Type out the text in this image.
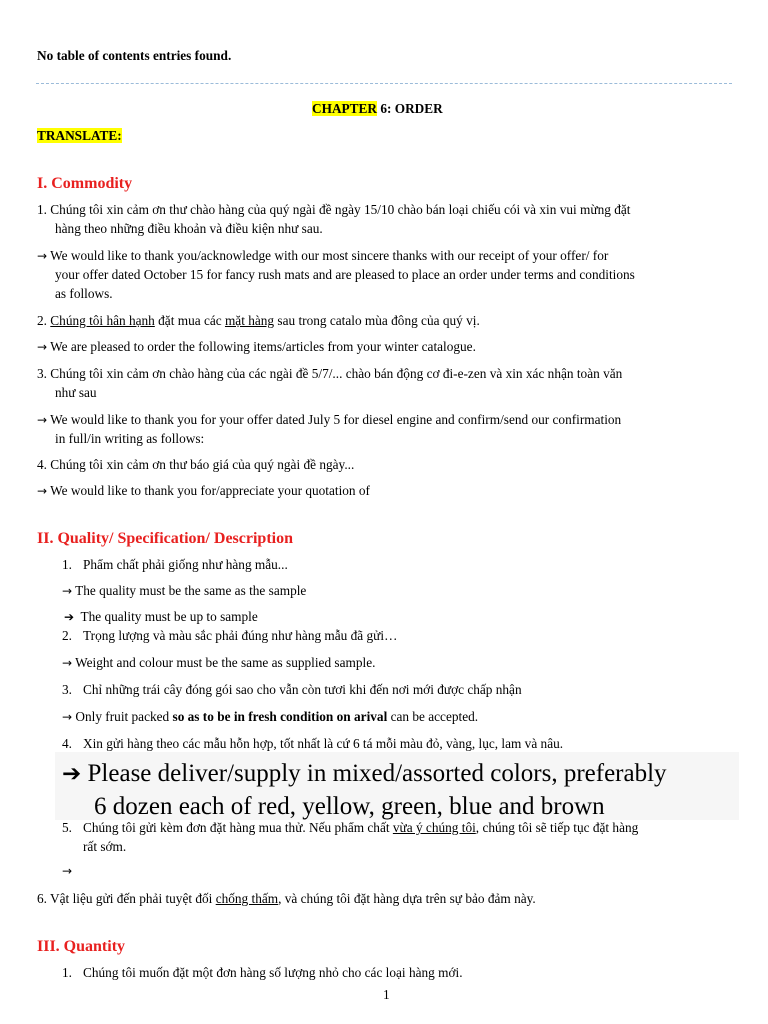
No table of contents entries found.
CHAPTER 6: ORDER
TRANSLATE:
I. Commodity
1. Chúng tôi xin cảm ơn thư chào hàng của quý ngài đề ngày 15/10 chào bán loại chiếu cói và xin vui mừng đặt
hàng theo những điều khoản và điều kiện như sau.
→ We would like to thank you/acknowledge with our most sincere thanks with our receipt of your offer/ for
your offer dated October 15 for fancy rush mats and are pleased to place an order under terms and conditions
as follows.
2. Chúng tôi hân hạnh đặt mua các mặt hàng sau trong catalo mùa đông của quý vị.
→ We are pleased to order the following items/articles from your winter catalogue.
3. Chúng tôi xin cảm ơn chào hàng của các ngài đề 5/7/... chào bán động cơ đi-e-zen và xin xác nhận toàn văn
như sau
→ We would like to thank you for your offer dated July 5 for diesel engine and confirm/send our confirmation
in full/in writing as follows:
4. Chúng tôi xin cảm ơn thư báo giá của quý ngài đề ngày...
→ We would like to thank you for/appreciate your quotation of
II. Quality/ Specification/ Description
1. Phẩm chất phải giống như hàng mẫu...
→ The quality must be the same as the sample
➔ The quality must be up to sample
2. Trọng lượng và màu sắc phải đúng như hàng mẫu đã gửi…
→ Weight and colour must be the same as supplied sample.
3. Chỉ những trái cây đóng gói sao cho vẫn còn tươi khi đến nơi mới được chấp nhận
→ Only fruit packed so as to be in fresh condition on arival can be accepted.
4. Xin gửi hàng theo các mẫu hỗn hợp, tốt nhất là cứ 6 tá mỗi màu đỏ, vàng, lục, lam và nâu.
➔ Please deliver/supply in mixed/assorted colors, preferably
6 dozen each of red, yellow, green, blue and brown
5. Chúng tôi gửi kèm đơn đặt hàng mua thử. Nếu phẩm chất vừa ý chúng tôi, chúng tôi sẽ tiếp tục đặt hàng
rất sớm.
→
6. Vật liệu gửi đến phải tuyệt đối chống thấm, và chúng tôi đặt hàng dựa trên sự bảo đảm này.
III. Quantity
1. Chúng tôi muốn đặt một đơn hàng số lượng nhỏ cho các loại hàng mới.
1
